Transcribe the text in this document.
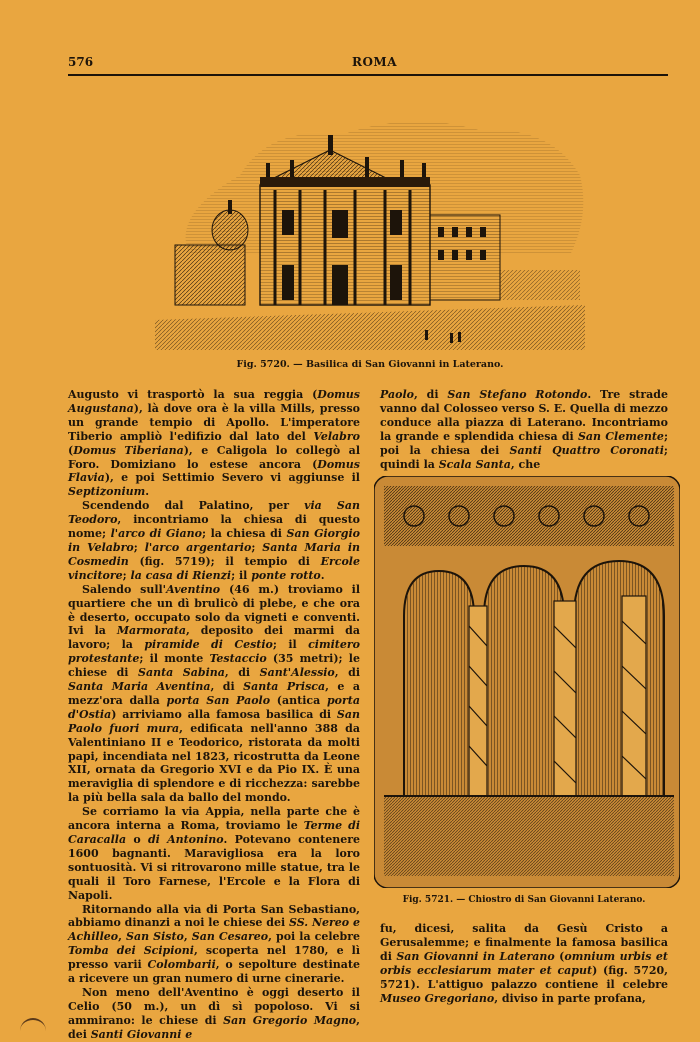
576	ROMA
Fig. 5720. — Basilica di San Giovanni in Laterano.

Augusto vi trasportò la sua reggia (Domus Augustana), là dove ora è la villa Mills, presso un grande tempio di Apollo. L'imperatore Tiberio ampliò l'edifizio dal lato del Velabro (Domus Tiberiana), e Caligola lo collegò al Foro. Domiziano lo estese ancora (Domus Flavia), e poi Settimio Severo vi aggiunse il Septizonium.

Scendendo dal Palatino, per via San Teodoro, incontriamo la chiesa di questo nome; l'arco di Giano; la chiesa di San Giorgio in Velabro; l'arco argentario; Santa Maria in Cosmedin (fig. 5719); il tempio di Ercole vincitore; la casa di Rienzi; il ponte rotto.

Salendo sull'Aventino (46 m.) troviamo il quartiere che un dì brulicò di plebe, e che ora è deserto, occupato solo da vigneti e conventi. Ivi la Marmorata, deposito dei marmi da lavoro; la piramide di Cestio; il cimitero protestante; il monte Testaccio (35 metri); le chiese di Santa Sabina, di Sant'Alessio, di Santa Maria Aventina, di Santa Prisca, e a mezz'ora dalla porta San Paolo (antica porta d'Ostia) arriviamo alla famosa basilica di San Paolo fuori mura, edificata nell'anno 388 da Valentiniano II e Teodorico, ristorata da molti papi, incendiata nel 1823, ricostrutta da Leone XII, ornata da Gregorio XVI e da Pio IX. È una meraviglia di splendore e di ricchezza: sarebbe la più bella sala da ballo del mondo.

Se corriamo la via Appia, nella parte che è ancora interna a Roma, troviamo le Terme di Caracalla o di Antonino. Potevano contenere 1600 bagnanti. Maravigliosa era la loro sontuosità. Vi si ritrovarono mille statue, tra le quali il Toro Farnese, l'Ercole e la Flora di Napoli.

Ritornando alla via di Porta San Sebastiano, abbiamo dinanzi a noi le chiese dei SS. Nereo e Achilleo, San Sisto, San Cesareo, poi la celebre Tomba dei Scipioni, scoperta nel 1780, e lì presso varii Colombarii, o sepolture destinate a ricevere un gran numero di urne cinerarie.

Non meno dell'Aventino è oggi deserto il Celio (50 m.), un dì sì popoloso. Vi si ammirano: le chiese di San Gregorio Magno, dei Santi Giovanni e

Paolo, di San Stefano Rotondo. Tre strade vanno dal Colosseo verso S. E. Quella di mezzo conduce alla piazza di Laterano. Incontriamo la grande e splendida chiesa di San Clemente; poi la chiesa dei Santi Quattro Coronati; quindi la Scala Santa, che

Fig. 5721. — Chiostro di San Giovanni Laterano.

fu, dicesi, salita da Gesù Cristo a Gerusalemme; e finalmente la famosa basilica di San Giovanni in Laterano (omnium urbis et orbis ecclesiarum mater et caput) (fig. 5720, 5721). L'attiguo palazzo contiene il celebre Museo Gregoriano, diviso in parte profana,
